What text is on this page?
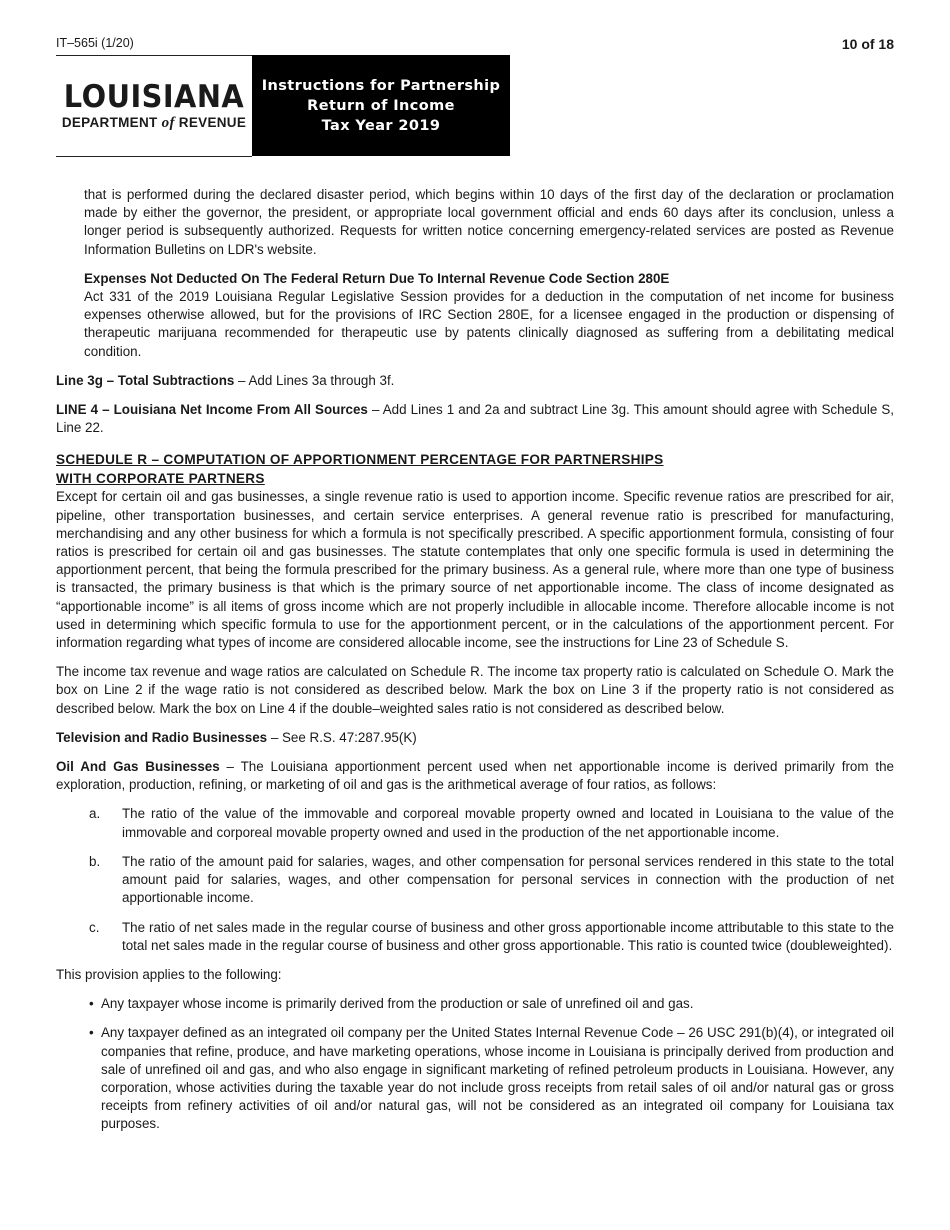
IT–565i (1/20)	10 of 18
LOUISIANA
DEPARTMENT of REVENUE
Instructions for Partnership
Return of Income
Tax Year 2019

that is performed during the declared disaster period, which begins within 10 days of the first day of the declaration or proclamation made by either the governor, the president, or appropriate local government official and ends 60 days after its conclusion, unless a longer period is subsequently authorized. Requests for written notice concerning emergency-related services are posted as Revenue Information Bulletins on LDR's website.

Expenses Not Deducted On The Federal Return Due To Internal Revenue Code Section 280E

Act 331 of the 2019 Louisiana Regular Legislative Session provides for a deduction in the computation of net income for business expenses otherwise allowed, but for the provisions of IRC Section 280E, for a licensee engaged in the production or dispensing of therapeutic marijuana recommended for therapeutic use by patents clinically diagnosed as suffering from a debilitating medical condition.

Line 3g – Total Subtractions – Add Lines 3a through 3f.

LINE 4 – Louisiana Net Income From All Sources – Add Lines 1 and 2a and subtract Line 3g. This amount should agree with Schedule S, Line 22.

SCHEDULE R – COMPUTATION OF APPORTIONMENT PERCENTAGE FOR PARTNERSHIPS
WITH CORPORATE PARTNERS

Except for certain oil and gas businesses, a single revenue ratio is used to apportion income. Specific revenue ratios are prescribed for air, pipeline, other transportation businesses, and certain service enterprises. A general revenue ratio is prescribed for manufacturing, merchandising and any other business for which a formula is not specifically prescribed. A specific apportionment formula, consisting of four ratios is prescribed for certain oil and gas businesses. The statute contemplates that only one specific formula is used in determining the apportionment percent, that being the formula prescribed for the primary business. As a general rule, where more than one type of business is transacted, the primary business is that which is the primary source of net apportionable income. The class of income designated as “apportionable income” is all items of gross income which are not properly includible in allocable income. Therefore allocable income is not used in determining which specific formula to use for the apportionment percent, or in the calculations of the apportionment percent. For information regarding what types of income are considered allocable income, see the instructions for Line 23 of Schedule S.

The income tax revenue and wage ratios are calculated on Schedule R. The income tax property ratio is calculated on Schedule O. Mark the box on Line 2 if the wage ratio is not considered as described below. Mark the box on Line 3 if the property ratio is not considered as described below. Mark the box on Line 4 if the double–weighted sales ratio is not considered as described below.

Television and Radio Businesses – See R.S. 47:287.95(K)

Oil And Gas Businesses – The Louisiana apportionment percent used when net apportionable income is derived primarily from the exploration, production, refining, or marketing of oil and gas is the arithmetical average of four ratios, as follows:

a.	The ratio of the value of the immovable and corporeal movable property owned and located in Louisiana to the value of the immovable and corporeal movable property owned and used in the production of the net apportionable income.
b.	The ratio of the amount paid for salaries, wages, and other compensation for personal services rendered in this state to the total amount paid for salaries, wages, and other compensation for personal services in connection with the production of net apportionable income.
c.	The ratio of net sales made in the regular course of business and other gross apportionable income attributable to this state to the total net sales made in the regular course of business and other gross apportionable. This ratio is counted twice (doubleweighted).

This provision applies to the following:

• Any taxpayer whose income is primarily derived from the production or sale of unrefined oil and gas.
• Any taxpayer defined as an integrated oil company per the United States Internal Revenue Code – 26 USC 291(b)(4), or integrated oil companies that refine, produce, and have marketing operations, whose income in Louisiana is principally derived from production and sale of unrefined oil and gas, and who also engage in significant marketing of refined petroleum products in Louisiana. However, any corporation, whose activities during the taxable year do not include gross receipts from retail sales of oil and/or natural gas or gross receipts from refinery activities of oil and/or natural gas, will not be considered as an integrated oil company for Louisiana tax purposes.
